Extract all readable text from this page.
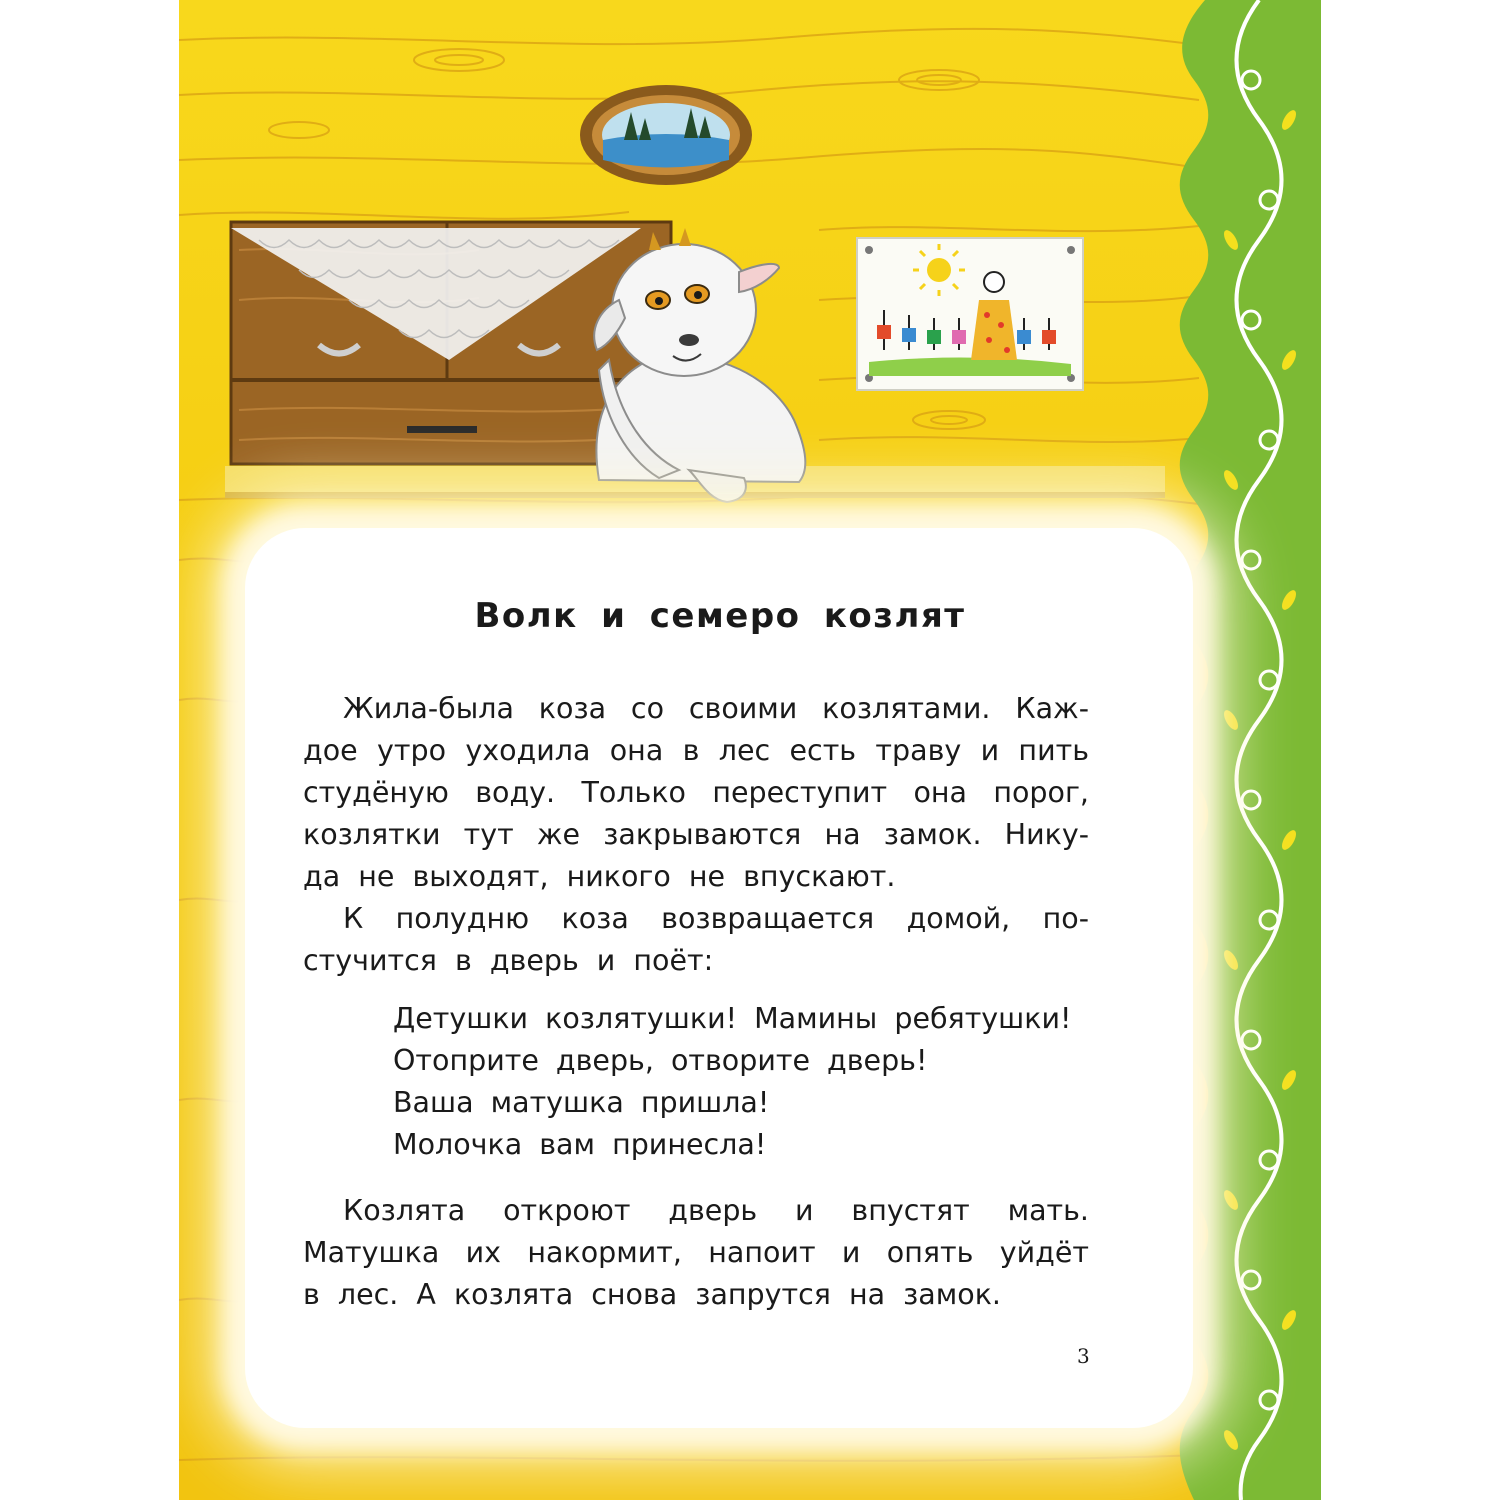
Волк и семеро козлят

Жила-была коза со своими козлятами. Каж-
дое утро уходила она в лес есть траву и пить
студёную воду. Только переступит она порог,
козлятки тут же закрываются на замок. Нику-
да не выходят, никого не впускают.

К полудню коза возвращается домой, по-
стучится в дверь и поёт:

Детушки козлятушки! Мамины ребятушки!
Отоприте дверь, отворите дверь!
Ваша матушка пришла!
Молочка вам принесла!

Козлята откроют дверь и впустят мать.
Матушка их накормит, напоит и опять уйдёт
в лес. А козлята снова запрутся на замок.

3
